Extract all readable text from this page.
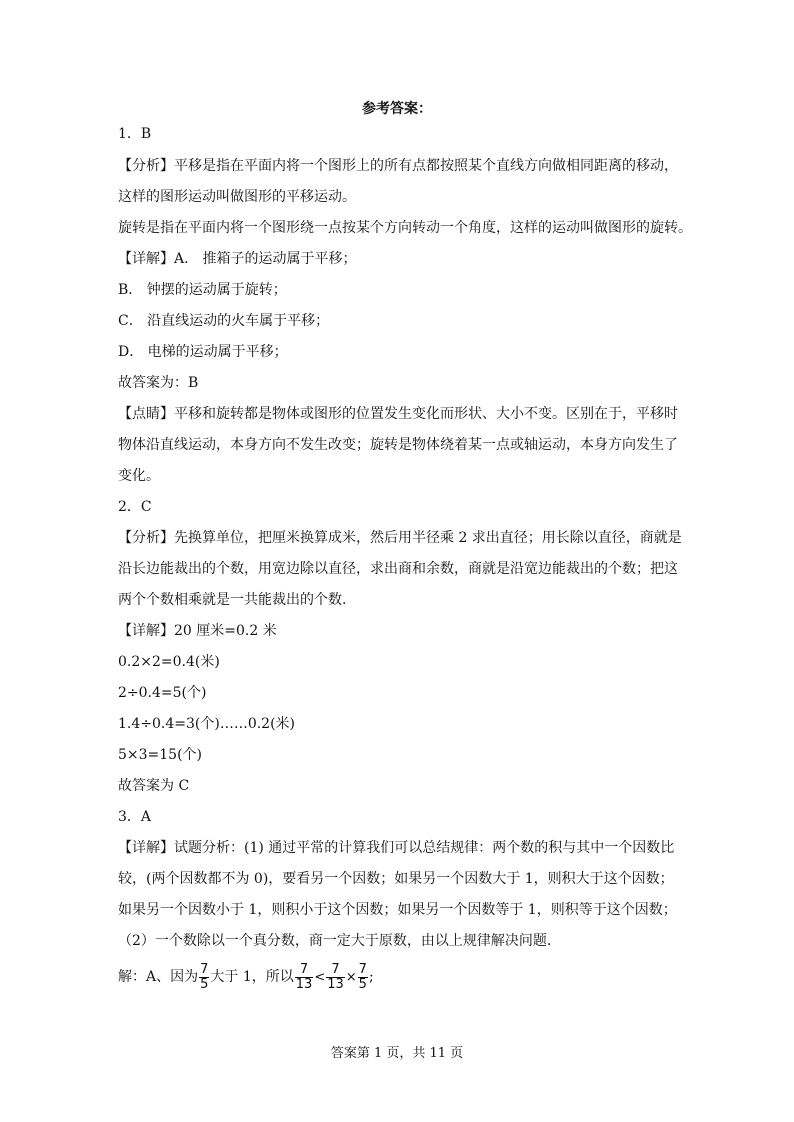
参考答案：
1．B
【分析】平移是指在平面内将一个图形上的所有点都按照某个直线方向做相同距离的移动，
这样的图形运动叫做图形的平移运动。
旋转是指在平面内将一个图形绕一点按某个方向转动一个角度，这样的运动叫做图形的旋转。
【详解】A． 推箱子的运动属于平移；
B． 钟摆的运动属于旋转；
C． 沿直线运动的火车属于平移；
D． 电梯的运动属于平移；
故答案为：B
【点睛】平移和旋转都是物体或图形的位置发生变化而形状、大小不变。区别在于，平移时
物体沿直线运动，本身方向不发生改变；旋转是物体绕着某一点或轴运动，本身方向发生了
变化。
2．C
【分析】先换算单位，把厘米换算成米，然后用半径乘 2 求出直径；用长除以直径，商就是
沿长边能裁出的个数，用宽边除以直径，求出商和余数，商就是沿宽边能裁出的个数；把这
两个个数相乘就是一共能裁出的个数.
【详解】20 厘米=0.2 米
0.2×2=0.4(米)
2÷0.4=5(个)
1.4÷0.4=3(个)……0.2(米)
5×3=15(个)
故答案为 C
3．A
【详解】试题分析：(1) 通过平常的计算我们可以总结规律：两个数的积与其中一个因数比
较，(两个因数都不为 0)，要看另一个因数；如果另一个因数大于 1，则积大于这个因数；
如果另一个因数小于 1，则积小于这个因数；如果另一个因数等于 1，则积等于这个因数；
（2）一个数除以一个真分数，商一定大于原数，由以上规律解决问题.
解：A、因为 $\frac{7}{5}$ 大于 1，所以 $\frac{7}{13} < \frac{7}{13} \times \frac{7}{5}$ ;
答案第 1 页，共 11 页
